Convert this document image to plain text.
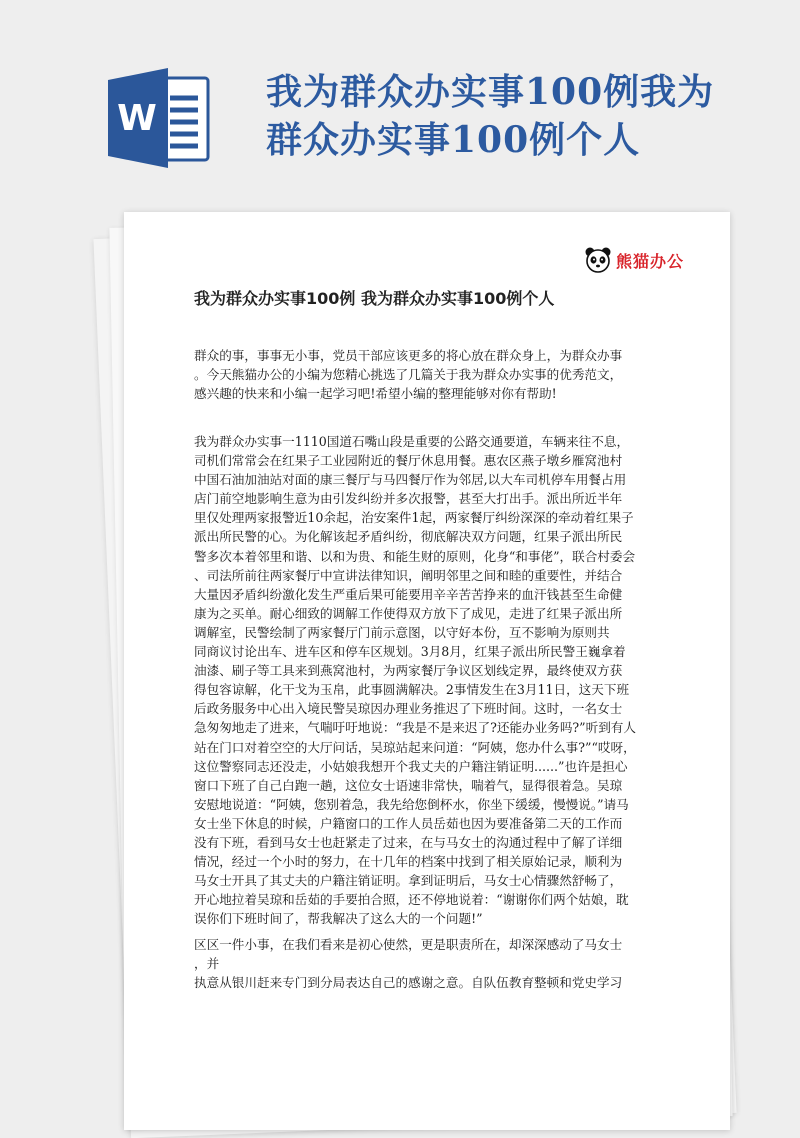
W
我为群众办实事100例我为
群众办实事100例个人
熊猫办公
我为群众办实事100例 我为群众办实事100例个人
群众的事，事事无小事，党员干部应该更多的将心放在群众身上，为群众办事
。今天熊猫办公的小编为您精心挑选了几篇关于我为群众办实事的优秀范文，
感兴趣的快来和小编一起学习吧!希望小编的整理能够对你有帮助!
我为群众办实事一1110国道石嘴山段是重要的公路交通要道，车辆来往不息，
司机们常常会在红果子工业园附近的餐厅休息用餐。惠农区燕子墩乡雁窝池村
中国石油加油站对面的康三餐厅与马四餐厅作为邻居,以大车司机停车用餐占用
店门前空地影响生意为由引发纠纷并多次报警，甚至大打出手。派出所近半年
里仅处理两家报警近10余起，治安案件1起，两家餐厅纠纷深深的牵动着红果子
派出所民警的心。为化解该起矛盾纠纷，彻底解决双方问题，红果子派出所民
警多次本着邻里和谐、以和为贵、和能生财的原则，化身“和事佬”，联合村委会
、司法所前往两家餐厅中宣讲法律知识，阐明邻里之间和睦的重要性，并结合
大量因矛盾纠纷激化发生严重后果可能要用辛辛苦苦挣来的血汗钱甚至生命健
康为之买单。耐心细致的调解工作使得双方放下了成见，走进了红果子派出所
调解室，民警绘制了两家餐厅门前示意图，以守好本份，互不影响为原则共
同商议讨论出车、进车区和停车区规划。3月8月，红果子派出所民警王巍拿着
油漆、刷子等工具来到燕窝池村，为两家餐厅争议区划线定界，最终使双方获
得包容谅解，化干戈为玉帛，此事圆满解决。2事情发生在3月11日，这天下班
后政务服务中心出入境民警吴琼因办理业务推迟了下班时间。这时，一名女士
急匆匆地走了进来，气喘吁吁地说：“我是不是来迟了?还能办业务吗?”听到有人
站在门口对着空空的大厅问话，吴琼站起来问道：“阿姨，您办什么事?”“哎呀，
这位警察同志还没走，小姑娘我想开个我丈夫的户籍注销证明......”也许是担心
窗口下班了自己白跑一趟，这位女士语速非常快，喘着气，显得很着急。吴琼
安慰地说道：“阿姨，您别着急，我先给您倒杯水，你坐下缓缓，慢慢说。”请马
女士坐下休息的时候，户籍窗口的工作人员岳茹也因为要准备第二天的工作而
没有下班，看到马女士也赶紧走了过来，在与马女士的沟通过程中了解了详细
情况，经过一个小时的努力，在十几年的档案中找到了相关原始记录，顺利为
马女士开具了其丈夫的户籍注销证明。拿到证明后，马女士心情骤然舒畅了，
开心地拉着吴琼和岳茹的手要拍合照，还不停地说着：“谢谢你们两个姑娘，耽
误你们下班时间了，帮我解决了这么大的一个问题!”
区区一件小事，在我们看来是初心使然，更是职责所在，却深深感动了马女士
，并
执意从银川赶来专门到分局表达自己的感谢之意。自队伍教育整顿和党史学习
